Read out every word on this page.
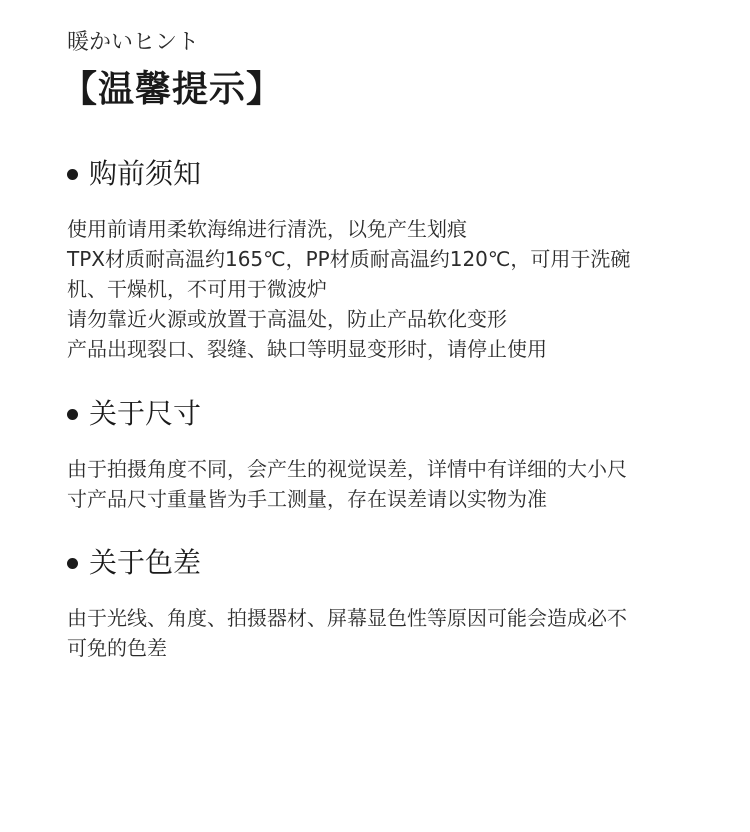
暖かいヒント
【温馨提示】
购前须知
使用前请用柔软海绵进行清洗，以免产生划痕
TPX材质耐高温约165℃，PP材质耐高温约120℃，可用于洗碗
机、干燥机，不可用于微波炉
请勿靠近火源或放置于高温处，防止产品软化变形
产品出现裂口、裂缝、缺口等明显变形时，请停止使用
关于尺寸
由于拍摄角度不同，会产生的视觉误差，详情中有详细的大小尺
寸产品尺寸重量皆为手工测量，存在误差请以实物为准
关于色差
由于光线、角度、拍摄器材、屏幕显色性等原因可能会造成必不
可免的色差
